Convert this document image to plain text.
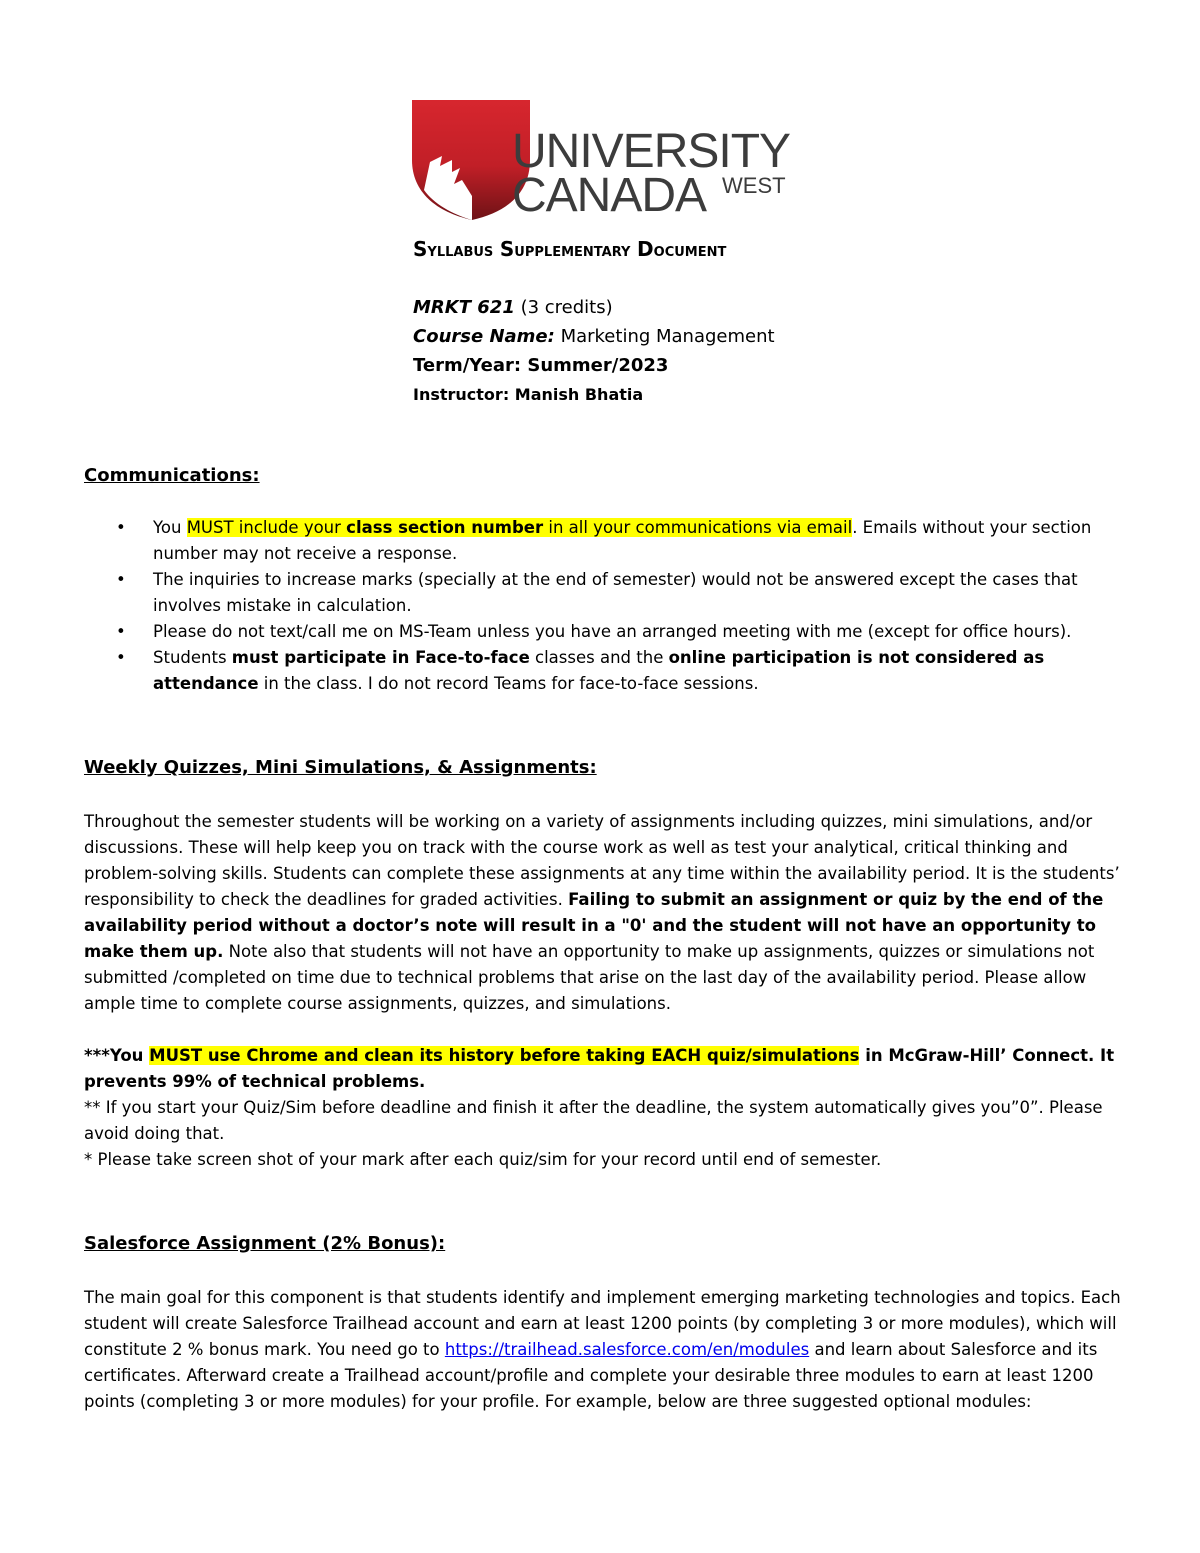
UNIVERSITY
CANADA WEST
Syllabus Supplementary Document
MRKT 621 (3 credits)
Course Name: Marketing Management
Term/Year: Summer/2023
Instructor: Manish Bhatia
Communications:
• You MUST include your class section number in all your communications via email. Emails without your section number may not receive a response.
• The inquiries to increase marks (specially at the end of semester) would not be answered except the cases that involves mistake in calculation.
• Please do not text/call me on MS-Team unless you have an arranged meeting with me (except for office hours).
• Students must participate in Face-to-face classes and the online participation is not considered as attendance in the class. I do not record Teams for face-to-face sessions.
Weekly Quizzes, Mini Simulations, & Assignments:

Throughout the semester students will be working on a variety of assignments including quizzes, mini simulations, and/or discussions. These will help keep you on track with the course work as well as test your analytical, critical thinking and problem-solving skills. Students can complete these assignments at any time within the availability period. It is the students’ responsibility to check the deadlines for graded activities. Failing to submit an assignment or quiz by the end of the availability period without a doctor’s note will result in a "0' and the student will not have an opportunity to make them up. Note also that students will not have an opportunity to make up assignments, quizzes or simulations not submitted /completed on time due to technical problems that arise on the last day of the availability period. Please allow ample time to complete course assignments, quizzes, and simulations.

***You MUST use Chrome and clean its history before taking EACH quiz/simulations in McGraw-Hill’ Connect. It prevents 99% of technical problems.

** If you start your Quiz/Sim before deadline and finish it after the deadline, the system automatically gives you”0”. Please avoid doing that.

* Please take screen shot of your mark after each quiz/sim for your record until end of semester.

Salesforce Assignment (2% Bonus):

The main goal for this component is that students identify and implement emerging marketing technologies and topics. Each student will create Salesforce Trailhead account and earn at least 1200 points (by completing 3 or more modules), which will constitute 2 % bonus mark. You need go to https://trailhead.salesforce.com/en/modules and learn about Salesforce and its certificates. Afterward create a Trailhead account/profile and complete your desirable three modules to earn at least 1200 points (completing 3 or more modules) for your profile. For example, below are three suggested optional modules:
